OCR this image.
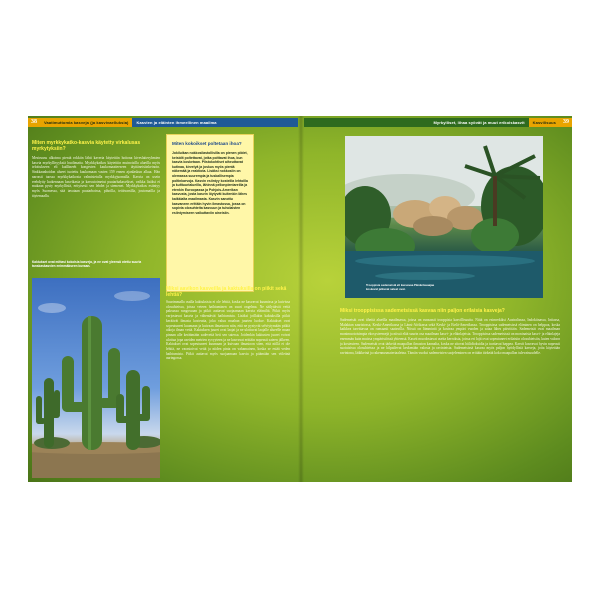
38	Vaatimuttomia kasveja (ja kasvivaelluksia)	Kasvien ja eläinten ihmeellinen maailma	Myrkylliset, lihaa syövät ja muut erikoiskasvit	Kasvilisuus	39
Miten myrkkykatko-kasvia käytetty virkalusas myrkytyksiin?
Mesiruusu alkoima pientä rokkiin lähti kaveria käytettiin hoitona kiveslaiteryhmien kasvia myrkyllisyyksiä huolimatta. Myrkkykatkos käytettiin muinoisilla alueilla myös teloitukseen eli kuillineeh kongesten kaukomaatteeseen täyttäneisiinkeinoin. Sinkkaanhoidon alueet tuotettu kaukomaan vasten 159 ennen ajanlaskun alkua. Hän narrasti tuossa myrkkykatkosta valmistetulla myrkkyjuomalla. Kasvia on usein erehdytty luokennaan kasvikasia ja kasvutoimetut puutarhakasvikset, vaikka lisäksi ei mukaan pysty myrkyllistä, erityisesti sen lehdet ja siemenet. Myrkkykatkos esiintyy myös Suomessa, sitä tavataan puutarhoissa, pihoilla, teitävarsilla, joutomailla ja täytemaalla.
Kaktukset ovat mittasi kokoisia kasveja, ja ne ovat yleensä otettu suuria tanskaskasvien enimmäkseen kuvaan.
Miten kokoikset poltetaan ihoa?
Jokiluikan nokkosilastollisilla on pienen piidet, keisidit poltettavat, jotka polttavat ihoa, kun kasvia kosketaan. Piistokohtiset aiheuttavat kutinaa, kirvelyä ja joskus myös pientä näkemää ja reaktiota. Lisäksi nokkosiin on olemassa suurempia ja tuskallisempia poltinkarvoja. Kasvin esiintyy kosteilla lehtoilla ja kulttuurialueilla, lähinnä pellonpientareilla ja etenkin Euroopassa ja Pohjois-Amerikan kasvusta, josta kasvin löytyvät kuitenkin lähes kaikkialta maailmasta. Kasvin sanottu kasvaneen erittäin hyvin ilmastossa, jossa on sopivia olosuhteita kasvuun ja tuholaisten esiintymiseen vaikuttaviin aineisiin.
Miksi aavikon kasveilla ja kaktuksilla on piikit sekä lehtiä?
Suurimmalla osalla kaktuksista ei ole lehtiä, koska ne kasvavat kuumissa ja kuivissa olosuhteissa, joissa veteen haihtuminen on suuri ongelma. Ne säilyttävät vettä paksussa rungossaan ja piikit auttavat suojaamaan kasvia eläimiltä. Piikit myös varjostavat kasvia ja vähentävät haihtumista. Lisäksi joillakin kaktuksilla piikit keräävät ilmasta kosteutta, joka valuu maahan juurten luokse. Kaktukset ovat sopeutuneet kuumaan ja kuivaan ilmastoon niin, että ne pystyvät selviytymään pitkiä aikoja ilman vettä. Kaktuksen juuret ovat laajat ja ne ulottuvat laajalle alueelle maan pinnan alle keräämään sadevettä heti sen satessa. Joidenkin kaktusten juuret voivat ulottua jopa useiden metrien syvyyteen ja ne kasvavat erittäin nopeasti sateen jälkeen. Kaktukset ovat sopeutuneet kuumaan ja kuivaan ilmastoon siten, että niillä ei ole lehtiä, ne varastoivat vettä ja niiden pinta on vahamainen, koska se estää veden haihtumista. Piikit auttavat myös suojaamaan kasvia ja pitämään sen viileänä auringossa.
Trooppisia sademetsiä eli kasvavaa Päiväntasaajaa koskevat jatkuvat sateet ovat.
Miksi trooppisissa sademetsissä kasvaa niin paljon erilaisia kasveja?
Sademetsät ovat tiheitä alueilla maailmassa, joissa on runsaasti trooppista kasvillisuutta. Niitä on esimerkiksi Australiassa, Indokiinassa, Intiassa, Malaktan saaristossa, Keski-Amerikassa ja Länsi-Afrikassa sekä Keski- ja Etelä-Amerikassa. Trooppisissa sademetsissä eläminen on helppoa, koska kaikkea tarvittavaa on runsaasti saatavilla. Niissä on lämmintä ja kosteaa ympäri vuoden ja sataa lähes päivittäin. Sademetsät ovat maailman monimuotoisimpia ekosysteemejä ja niissä elää suurin osa maailman kasvi- ja eläinlajeista. Trooppisissa sademetsissä on moninaisia kasvi- ja eläinlajeja enemmän kuin muissa ympäristöissä yhteensä. Kasvit muodostavat useita kerroksia, joissa eri lajit ovat sopeutuneet erilaisiin olosuhteisiin, kuten valoon ja kosteuteen. Sademetsät ovat tärkeitä maapallon ilmaston kannalta, koska ne sitovat hiilidioksidia ja tuottavat happea. Kasvit kasvavat hyvin nopeasti suotuisissa olosuhteissa ja ne kilpailevat keskenään valosta ja ravinteista. Sademetsissä kasvaa myös paljon hyödyllisiä kasveja, joita käytetään ravintona, lääkkeinä ja rakennusmateriaaleina. Tämän vuoksi sademetsien suojeleminen on erittäin tärkeää koko maapallon tulevaisuudelle.
